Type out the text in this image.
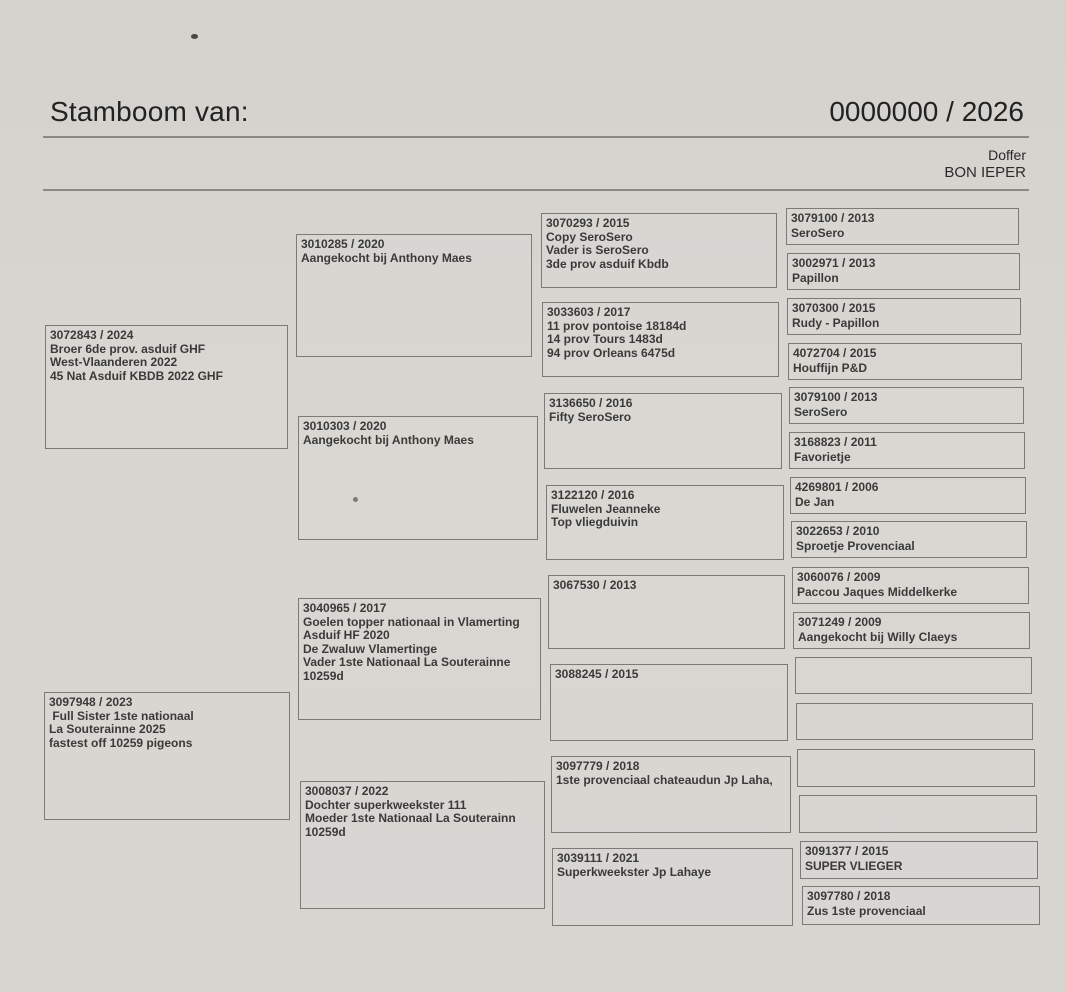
Stamboom van:	0000000 / 2026
Doffer
BON IEPER
3072843 / 2024
Broer 6de prov. asduif GHF
West-Vlaanderen 2022
45 Nat Asduif KBDB 2022 GHF
3097948 / 2023
Full Sister 1ste nationaal
La Souterainne 2025
fastest off 10259 pigeons
3010285 / 2020
Aangekocht bij Anthony Maes
3010303 / 2020
Aangekocht bij Anthony Maes
3040965 / 2017
Goelen topper nationaal in Vlamerting
Asduif HF 2020
De Zwaluw Vlamertinge
Vader 1ste Nationaal La Souterainne
10259d
3008037 / 2022
Dochter superkweekster 111
Moeder 1ste Nationaal La Souterainn
10259d
3070293 / 2015
Copy SeroSero
Vader is SeroSero
3de prov asduif Kbdb
3033603 / 2017
11 prov pontoise 18184d
14 prov Tours 1483d
94 prov Orleans 6475d
3136650 / 2016
Fifty SeroSero
3122120 / 2016
Fluwelen Jeanneke
Top vliegduivin
3067530 / 2013
3088245 / 2015
3097779 / 2018
1ste provenciaal chateaudun Jp Laha,
3039111 / 2021
Superkweekster Jp Lahaye
3079100 / 2013
SeroSero
3002971 / 2013
Papillon
3070300 / 2015
Rudy - Papillon
4072704 / 2015
Houffijn P&D
3079100 / 2013
SeroSero
3168823 / 2011
Favorietje
4269801 / 2006
De Jan
3022653 / 2010
Sproetje Provenciaal
3060076 / 2009
Paccou Jaques Middelkerke
3071249 / 2009
Aangekocht bij Willy Claeys
3091377 / 2015
SUPER VLIEGER
3097780 / 2018
Zus 1ste provenciaal
